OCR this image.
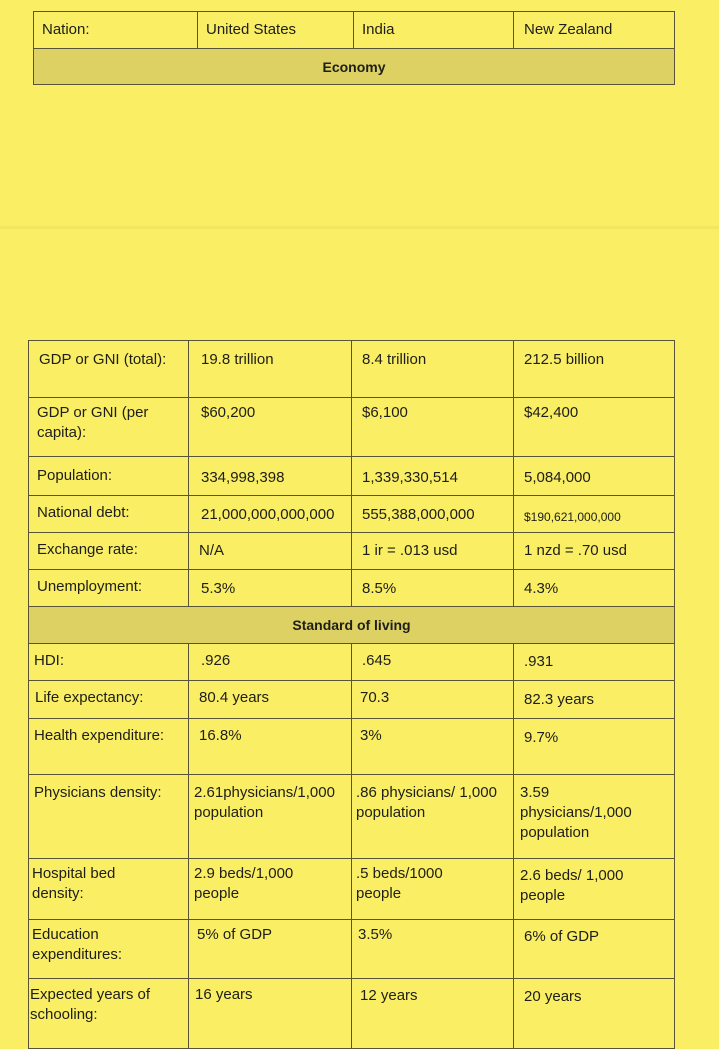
Nation:	United States	India	New Zealand
Economy
GDP or GNI (total):	19.8 trillion	8.4 trillion	212.5 billion
GDP or GNI (per capita):	$60,200	$6,100	$42,400
Population:	334,998,398	1,339,330,514	5,084,000
National debt:	21,000,000,000,000	555,388,000,000	$190,621,000,000
Exchange rate:	N/A	1 ir = .013 usd	1 nzd = .70 usd
Unemployment:	5.3%	8.5%	4.3%
Standard of living			
HDI:	.926	.645	.931
Life expectancy:	80.4 years	70.3	82.3 years
Health expenditure:	16.8%	3%	9.7%
Physicians density:	2.61physicians/1,000 population	.86 physicians/ 1,000 population	3.59 physicians/1,000 population
Hospital bed density:	2.9 beds/1,000 people	.5 beds/1000 people	2.6 beds/ 1,000 people
Education expenditures:	5% of GDP	3.5%	6% of GDP
Expected years of schooling:	16 years	12 years	20 years
